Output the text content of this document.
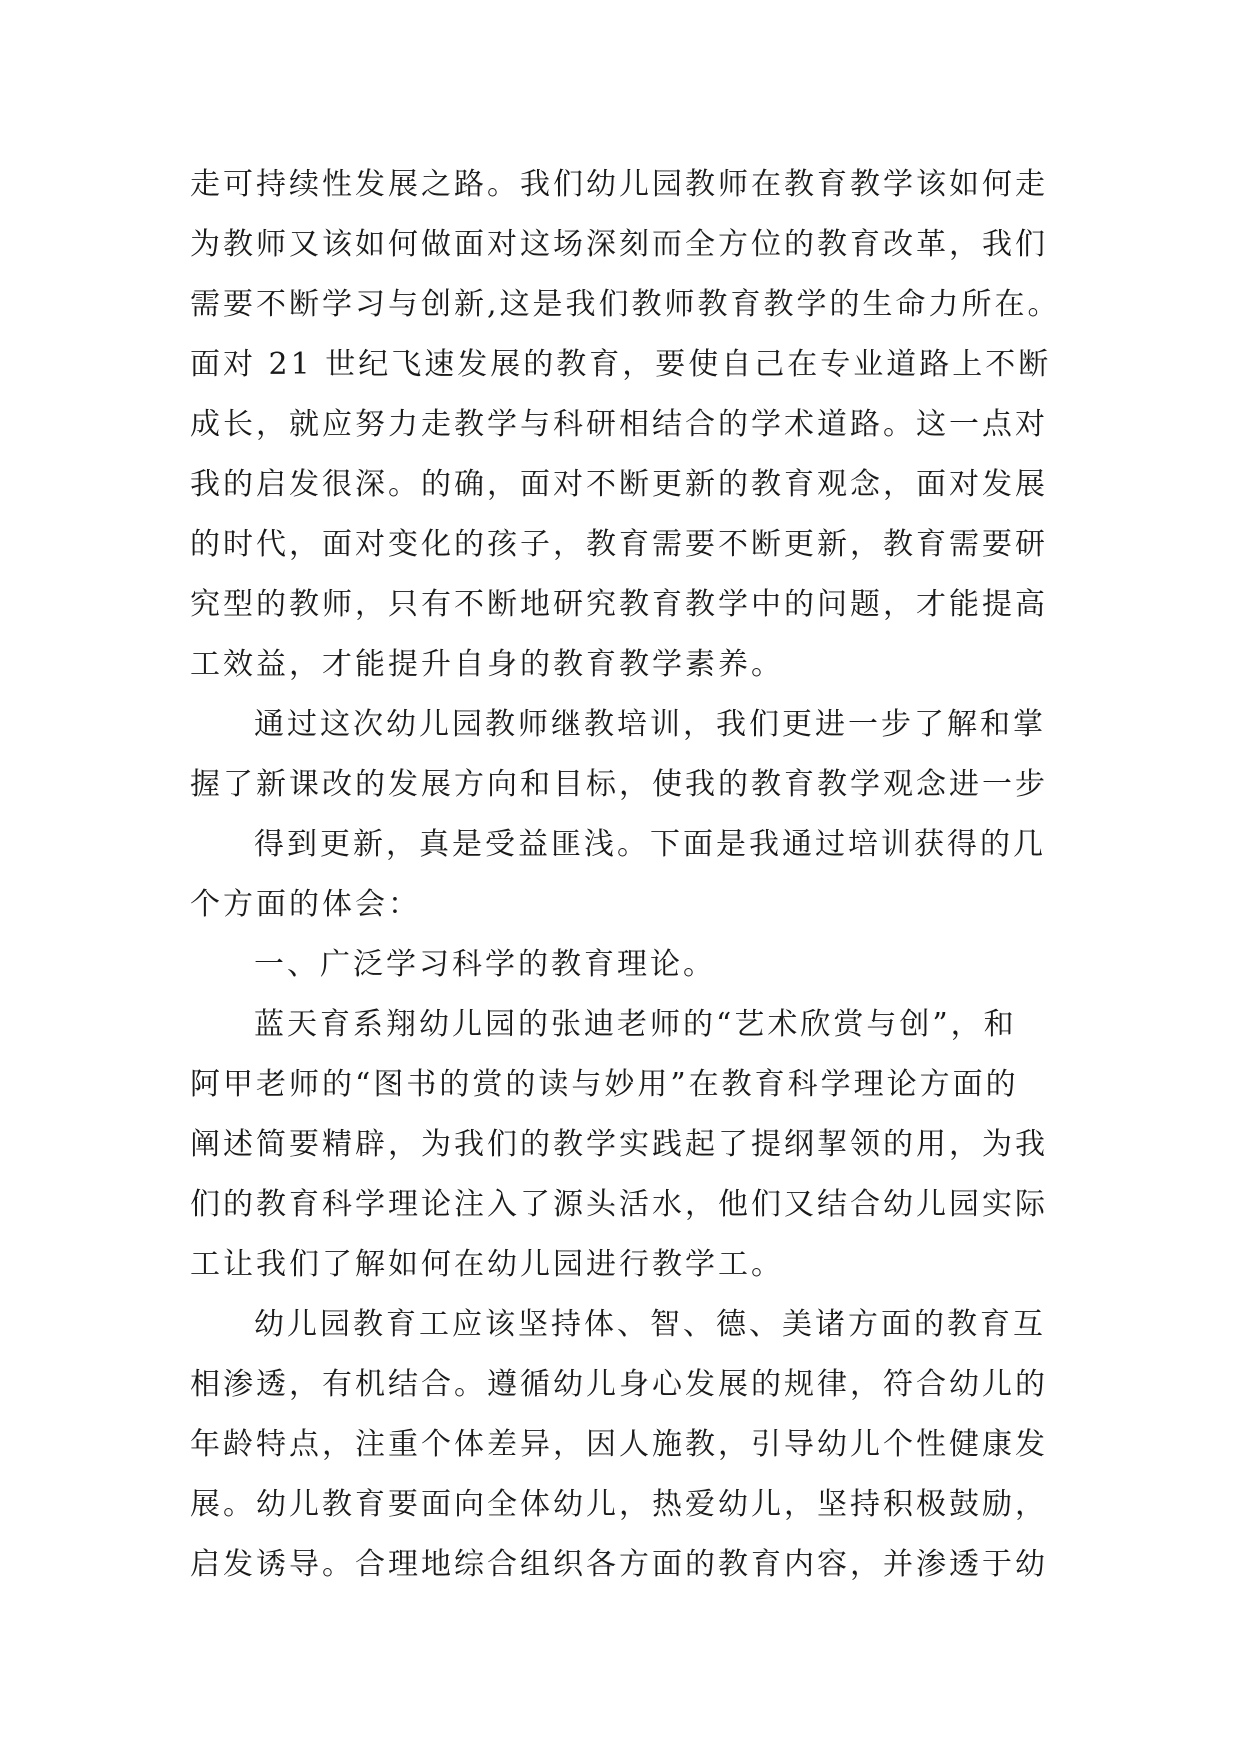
走可持续性发展之路。我们幼儿园教师在教育教学该如何走
为教师又该如何做面对这场深刻而全方位的教育改革，我们
需要不断学习与创新,这是我们教师教育教学的生命力所在。
面对 21 世纪飞速发展的教育，要使自己在专业道路上不断
成长，就应努力走教学与科研相结合的学术道路。这一点对
我的启发很深。的确，面对不断更新的教育观念，面对发展
的时代，面对变化的孩子，教育需要不断更新，教育需要研
究型的教师，只有不断地研究教育教学中的问题，才能提高
工效益，才能提升自身的教育教学素养。
通过这次幼儿园教师继教培训，我们更进一步了解和掌
握了新课改的发展方向和目标，使我的教育教学观念进一步
得到更新，真是受益匪浅。下面是我通过培训获得的几
个方面的体会：
一、广泛学习科学的教育理论。
蓝天育系翔幼儿园的张迪老师的“艺术欣赏与创”，和
阿甲老师的“图书的赏的读与妙用”在教育科学理论方面的
阐述简要精辟，为我们的教学实践起了提纲挈领的用，为我
们的教育科学理论注入了源头活水，他们又结合幼儿园实际
工让我们了解如何在幼儿园进行教学工。
幼儿园教育工应该坚持体、智、德、美诸方面的教育互
相渗透，有机结合。遵循幼儿身心发展的规律，符合幼儿的
年龄特点，注重个体差异，因人施教，引导幼儿个性健康发
展。幼儿教育要面向全体幼儿，热爱幼儿，坚持积极鼓励，
启发诱导。合理地综合组织各方面的教育内容，并渗透于幼
